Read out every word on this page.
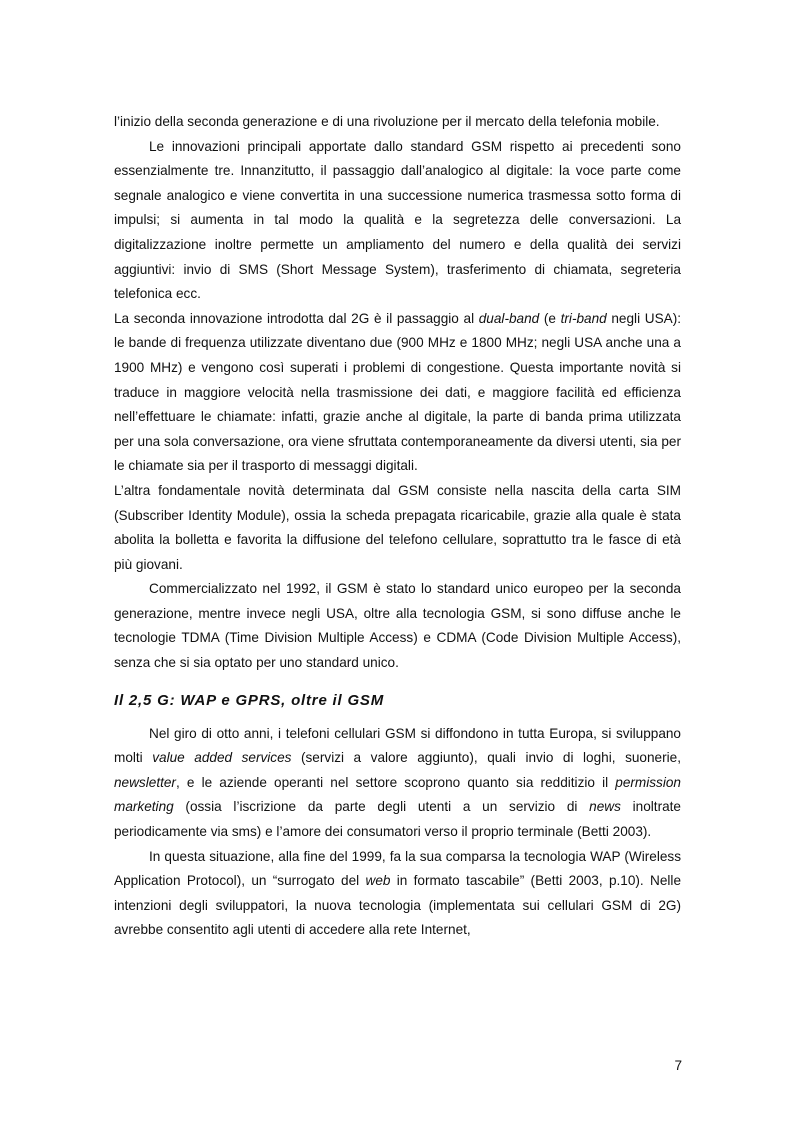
l’inizio della seconda generazione e di una rivoluzione per il mercato della telefonia mobile.

Le innovazioni principali apportate dallo standard GSM rispetto ai precedenti sono essenzialmente tre. Innanzitutto, il passaggio dall’analogico al digitale: la voce parte come segnale analogico e viene convertita in una successione numerica trasmessa sotto forma di impulsi; si aumenta in tal modo la qualità e la segretezza delle conversazioni. La digitalizzazione inoltre permette un ampliamento del numero e della qualità dei servizi aggiuntivi: invio di SMS (Short Message System), trasferimento di chiamata, segreteria telefonica ecc.

La seconda innovazione introdotta dal 2G è il passaggio al dual-band (e tri-band negli USA): le bande di frequenza utilizzate diventano due (900 MHz e 1800 MHz; negli USA anche una a 1900 MHz) e vengono così superati i problemi di congestione. Questa importante novità si traduce in maggiore velocità nella trasmissione dei dati, e maggiore facilità ed efficienza nell’effettuare le chiamate: infatti, grazie anche al digitale, la parte di banda prima utilizzata per una sola conversazione, ora viene sfruttata contemporaneamente da diversi utenti, sia per le chiamate sia per il trasporto di messaggi digitali.

L’altra fondamentale novità determinata dal GSM consiste nella nascita della carta SIM (Subscriber Identity Module), ossia la scheda prepagata ricaricabile, grazie alla quale è stata abolita la bolletta e favorita la diffusione del telefono cellulare, soprattutto tra le fasce di età più giovani.

Commercializzato nel 1992, il GSM è stato lo standard unico europeo per la seconda generazione, mentre invece negli USA, oltre alla tecnologia GSM, si sono diffuse anche le tecnologie TDMA (Time Division Multiple Access) e CDMA (Code Division Multiple Access), senza che si sia optato per uno standard unico.

Il 2,5 G: WAP e GPRS, oltre il GSM

Nel giro di otto anni, i telefoni cellulari GSM si diffondono in tutta Europa, si sviluppano molti value added services (servizi a valore aggiunto), quali invio di loghi, suonerie, newsletter, e le aziende operanti nel settore scoprono quanto sia redditizio il permission marketing (ossia l’iscrizione da parte degli utenti a un servizio di news inoltrate periodicamente via sms) e l’amore dei consumatori verso il proprio terminale (Betti 2003).

In questa situazione, alla fine del 1999, fa la sua comparsa la tecnologia WAP (Wireless Application Protocol), un “surrogato del web in formato tascabile” (Betti 2003, p.10). Nelle intenzioni degli sviluppatori, la nuova tecnologia (implementata sui cellulari GSM di 2G) avrebbe consentito agli utenti di accedere alla rete Internet,

7
